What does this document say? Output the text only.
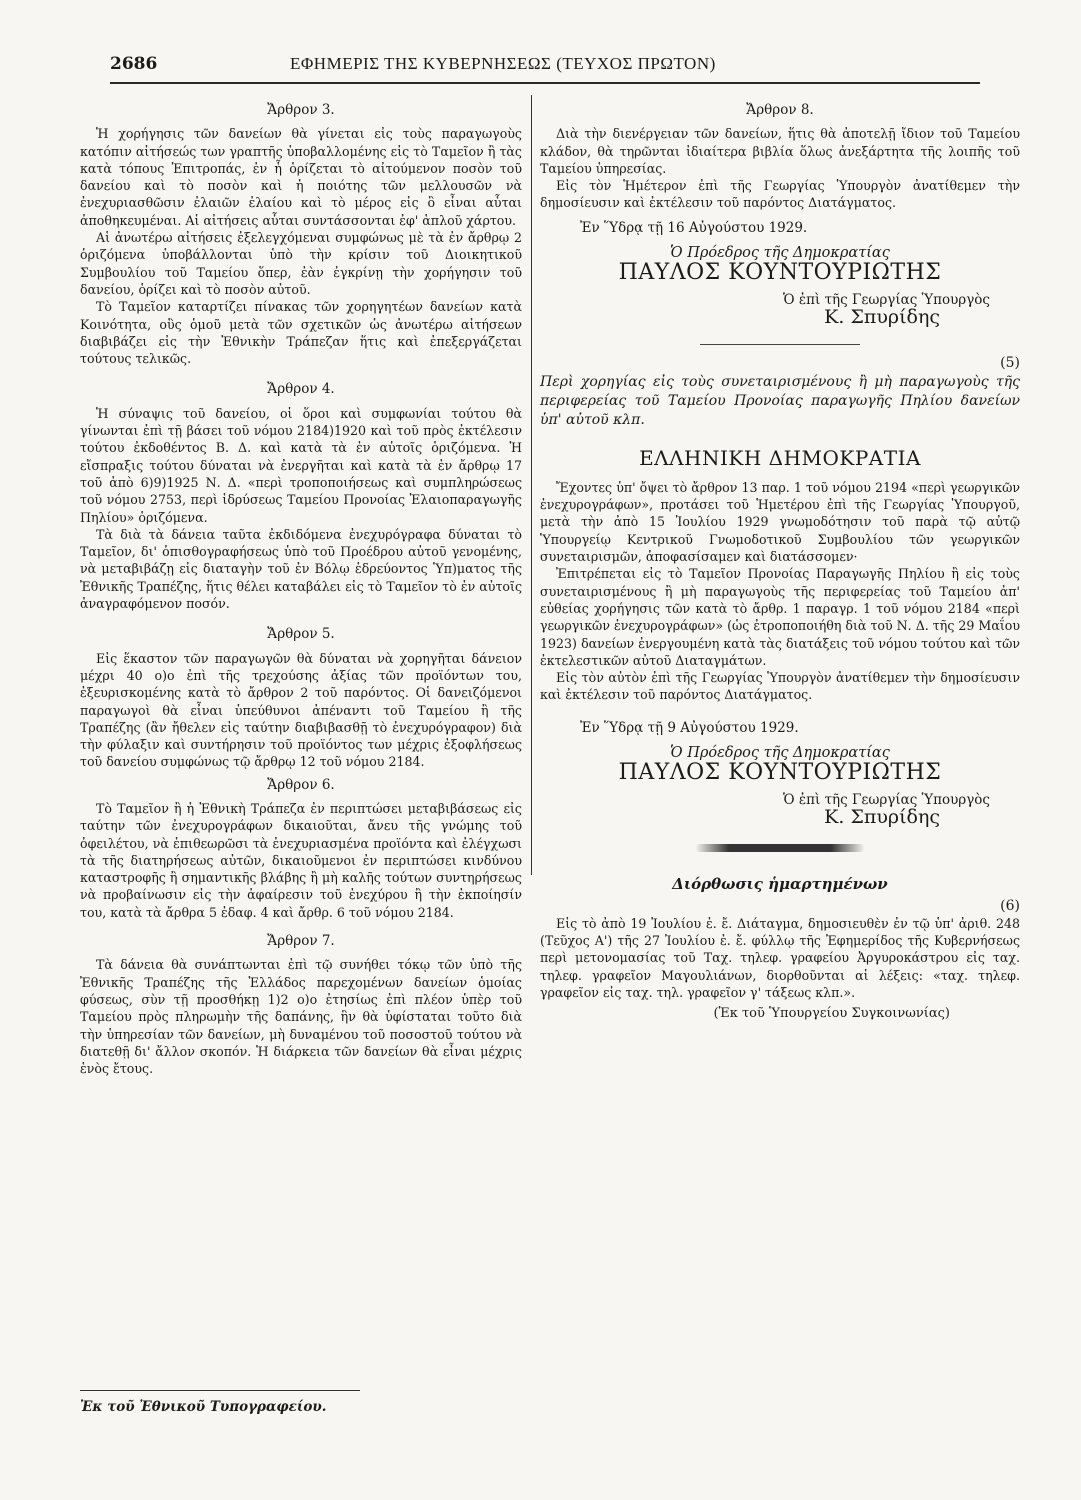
2686	ΕΦΗΜΕΡΙΣ ΤΗΣ ΚΥΒΕΡΝΗΣΕΩΣ (ΤΕΥΧΟΣ ΠΡΩΤΟΝ)
Ἄρθρον 3.

Ἡ χορήγησις τῶν δανείων θὰ γίνεται εἰς τοὺς παραγωγοὺς κατόπιν αἰτήσεώς των γραπτῆς ὑποβαλλομένης εἰς τὸ Ταμεῖον ἢ τὰς κατὰ τόπους Ἐπιτροπάς, ἐν ἧ ὁρίζεται τὸ αἰτούμενον ποσὸν τοῦ δανείου καὶ τὸ ποσὸν καὶ ἡ ποιότης τῶν μελλουσῶν νὰ ἐνεχυριασθῶσιν ἐλαιῶν ἐλαίου καὶ τὸ μέρος εἰς ὃ εἶναι αὗται ἀποθηκευμέναι. Αἱ αἰτήσεις αὗται συντάσσονται ἐφ' ἁπλοῦ χάρτου.

Αἱ ἀνωτέρω αἰτήσεις ἐξελεγχόμεναι συμφώνως μὲ τὰ ἐν ἄρθρῳ 2 ὁριζόμενα ὑποβάλλονται ὑπὸ τὴν κρίσιν τοῦ Διοικητικοῦ Συμβουλίου τοῦ Ταμείου ὅπερ, ἐὰν ἐγκρίνῃ τὴν χορήγησιν τοῦ δανείου, ὁρίζει καὶ τὸ ποσὸν αὐτοῦ.

Τὸ Ταμεῖον καταρτίζει πίνακας τῶν χορηγητέων δανείων κατὰ Κοινότητα, οὓς ὁμοῦ μετὰ τῶν σχετικῶν ὡς ἀνωτέρω αἰτήσεων διαβιβάζει εἰς τὴν Ἐθνικὴν Τράπεζαν ἥτις καὶ ἐπεξεργάζεται τούτους τελικῶς.

Ἄρθρον 4.

Ἡ σύναψις τοῦ δανείου, οἱ ὅροι καὶ συμφωνίαι τούτου θὰ γίνωνται ἐπὶ τῇ βάσει τοῦ νόμου 2184)1920 καὶ τοῦ πρὸς ἐκτέλεσιν τούτου ἐκδοθέντος Β. Δ. καὶ κατὰ τὰ ἐν αὐτοῖς ὁριζόμενα. Ἡ εἴσπραξις τούτου δύναται νὰ ἐνεργῆται καὶ κατὰ τὰ ἐν ἄρθρῳ 17 τοῦ ἀπὸ 6)9)1925 Ν. Δ. «περὶ τροποποιήσεως καὶ συμπληρώσεως τοῦ νόμου 2753, περὶ ἱδρύσεως Ταμείου Προνοίας Ἐλαιοπαραγωγῆς Πηλίου» ὁριζόμενα.

Τὰ διὰ τὰ δάνεια ταῦτα ἐκδιδόμενα ἐνεχυρόγραφα δύναται τὸ Ταμεῖον, δι' ὀπισθογραφήσεως ὑπὸ τοῦ Προέδρου αὐτοῦ γενομένης, νὰ μεταβιβάζῃ εἰς διαταγὴν τοῦ ἐν Βόλῳ ἑδρεύοντος Ὑπ)ματος τῆς Ἐθνικῆς Τραπέζης, ἥτις θέλει καταβάλει εἰς τὸ Ταμεῖον τὸ ἐν αὐτοῖς ἀναγραφόμενον ποσόν.

Ἄρθρον 5.

Εἰς ἕκαστον τῶν παραγωγῶν θὰ δύναται νὰ χορηγῆται δάνειον μέχρι 40 ο)ο ἐπὶ τῆς τρεχούσης ἀξίας τῶν προϊόντων του, ἐξευρισκομένης κατὰ τὸ ἄρθρον 2 τοῦ παρόντος. Οἱ δανειζόμενοι παραγωγοὶ θὰ εἶναι ὑπεύθυνοι ἀπέναντι τοῦ Ταμείου ἢ τῆς Τραπέζης (ἂν ἤθελεν εἰς ταύτην διαβιβασθῇ τὸ ἐνεχυρόγραφον) διὰ τὴν φύλαξιν καὶ συντήρησιν τοῦ προϊόντος των μέχρις ἐξοφλήσεως τοῦ δανείου συμφώνως τῷ ἄρθρῳ 12 τοῦ νόμου 2184.

Ἄρθρον 6.

Τὸ Ταμεῖον ἢ ἡ Ἐθνικὴ Τράπεζα ἐν περιπτώσει μεταβιβάσεως εἰς ταύτην τῶν ἐνεχυρογράφων δικαιοῦται, ἄνευ τῆς γνώμης τοῦ ὀφειλέτου, νὰ ἐπιθεωρῶσι τὰ ἐνεχυριασμένα προϊόντα καὶ ἐλέγχωσι τὰ τῆς διατηρήσεως αὐτῶν, δικαιοῦμενοι ἐν περιπτώσει κινδύνου καταστροφῆς ἢ σημαντικῆς βλάβης ἢ μὴ καλῆς τούτων συντηρήσεως νὰ προβαίνωσιν εἰς τὴν ἀφαίρεσιν τοῦ ἐνεχύρου ἢ τὴν ἐκποίησίν του, κατὰ τὰ ἄρθρα 5 ἐδαφ. 4 καὶ ἄρθρ. 6 τοῦ νόμου 2184.

Ἄρθρον 7.

Τὰ δάνεια θὰ συνάπτωνται ἐπὶ τῷ συνήθει τόκῳ τῶν ὑπὸ τῆς Ἐθνικῆς Τραπέζης τῆς Ἑλλάδος παρεχομένων δανείων ὁμοίας φύσεως, σὺν τῇ προσθήκῃ 1)2 ο)ο ἐτησίως ἐπὶ πλέον ὑπὲρ τοῦ Ταμείου πρὸς πληρωμὴν τῆς δαπάνης, ἣν θὰ ὑφίσταται τοῦτο διὰ τὴν ὑπηρεσίαν τῶν δανείων, μὴ δυναμένου τοῦ ποσοστοῦ τούτου νὰ διατεθῇ δι' ἄλλον σκοπόν. Ἡ διάρκεια τῶν δανείων θὰ εἶναι μέχρις ἑνὸς ἔτους.

Ἄρθρον 8.

Διὰ τὴν διενέργειαν τῶν δανείων, ἥτις θὰ ἀποτελῇ ἴδιον τοῦ Ταμείου κλάδον, θὰ τηρῶνται ἰδιαίτερα βιβλία ὅλως ἀνεξάρτητα τῆς λοιπῆς τοῦ Ταμείου ὑπηρεσίας.

Εἰς τὸν Ἡμέτερον ἐπὶ τῆς Γεωργίας Ὑπουργὸν ἀνατίθεμεν τὴν δημοσίευσιν καὶ ἐκτέλεσιν τοῦ παρόντος Διατάγματος.

Ἐν Ὕδρᾳ τῇ 16 Αὐγούστου 1929.
Ὁ Πρόεδρος τῆς Δημοκρατίας
ΠΑΥΛΟΣ ΚΟΥΝΤΟΥΡΙΩΤΗΣ
Ὁ ἐπὶ τῆς Γεωργίας Ὑπουργὸς
Κ. Σπυρίδης
(5)

Περὶ χορηγίας εἰς τοὺς συνεταιρισμένους ἢ μὴ παραγωγοὺς τῆς περιφερείας τοῦ Ταμείου Προνοίας παραγωγῆς Πηλίου δανείων ὑπ' αὐτοῦ κλπ.

ΕΛΛΗΝΙΚΗ ΔΗΜΟΚΡΑΤΙΑ

Ἔχοντες ὑπ' ὄψει τὸ ἄρθρον 13 παρ. 1 τοῦ νόμου 2194 «περὶ γεωργικῶν ἐνεχυρογράφων», προτάσει τοῦ Ἡμετέρου ἐπὶ τῆς Γεωργίας Ὑπουργοῦ, μετὰ τὴν ἀπὸ 15 Ἰουλίου 1929 γνωμοδότησιν τοῦ παρὰ τῷ αὐτῷ Ὑπουργείῳ Κεντρικοῦ Γνωμοδοτικοῦ Συμβουλίου τῶν γεωργικῶν συνεταιρισμῶν, ἀποφασίσαμεν καὶ διατάσσομεν·

Ἐπιτρέπεται εἰς τὸ Ταμεῖον Προνοίας Παραγωγῆς Πηλίου ἢ εἰς τοὺς συνεταιρισμένους ἢ μὴ παραγωγοὺς τῆς περιφερείας τοῦ Ταμείου ἀπ' εὐθείας χορήγησις τῶν κατὰ τὸ ἄρθρ. 1 παραγρ. 1 τοῦ νόμου 2184 «περὶ γεωργικῶν ἐνεχυρογράφων» (ὡς ἐτροποποιήθη διὰ τοῦ Ν. Δ. τῆς 29 Μαΐου 1923) δανείων ἐνεργουμένη κατὰ τὰς διατάξεις τοῦ νόμου τούτου καὶ τῶν ἐκτελεστικῶν αὐτοῦ Διαταγμάτων.

Εἰς τὸν αὐτὸν ἐπὶ τῆς Γεωργίας Ὑπουργὸν ἀνατίθεμεν τὴν δημοσίευσιν καὶ ἐκτέλεσιν τοῦ παρόντος Διατάγματος.

Ἐν Ὕδρᾳ τῇ 9 Αὐγούστου 1929.
Ὁ Πρόεδρος τῆς Δημοκρατίας
ΠΑΥΛΟΣ ΚΟΥΝΤΟΥΡΙΩΤΗΣ
Ὁ ἐπὶ τῆς Γεωργίας Ὑπουργὸς
Κ. Σπυρίδης
Διόρθωσις ἡμαρτημένων
(6)

Εἰς τὸ ἀπὸ 19 Ἰουλίου ἐ. ἔ. Διάταγμα, δημοσιευθὲν ἐν τῷ ὑπ' ἀριθ. 248 (Τεῦχος Α') τῆς 27 Ἰουλίου ἐ. ἔ. φύλλῳ τῆς Ἐφημερίδος τῆς Κυβερνήσεως περὶ μετονομασίας τοῦ Ταχ. τηλεφ. γραφείου Ἀργυροκάστρου εἰς ταχ. τηλεφ. γραφεῖον Μαγουλιάνων, διορθοῦνται αἱ λέξεις: «ταχ. τηλεφ. γραφεῖον εἰς ταχ. τηλ. γραφεῖον γ' τάξεως κλπ.».

(Ἐκ τοῦ Ὑπουργείου Συγκοινωνίας)
Ἐκ τοῦ Ἐθνικοῦ Τυπογραφείου.
